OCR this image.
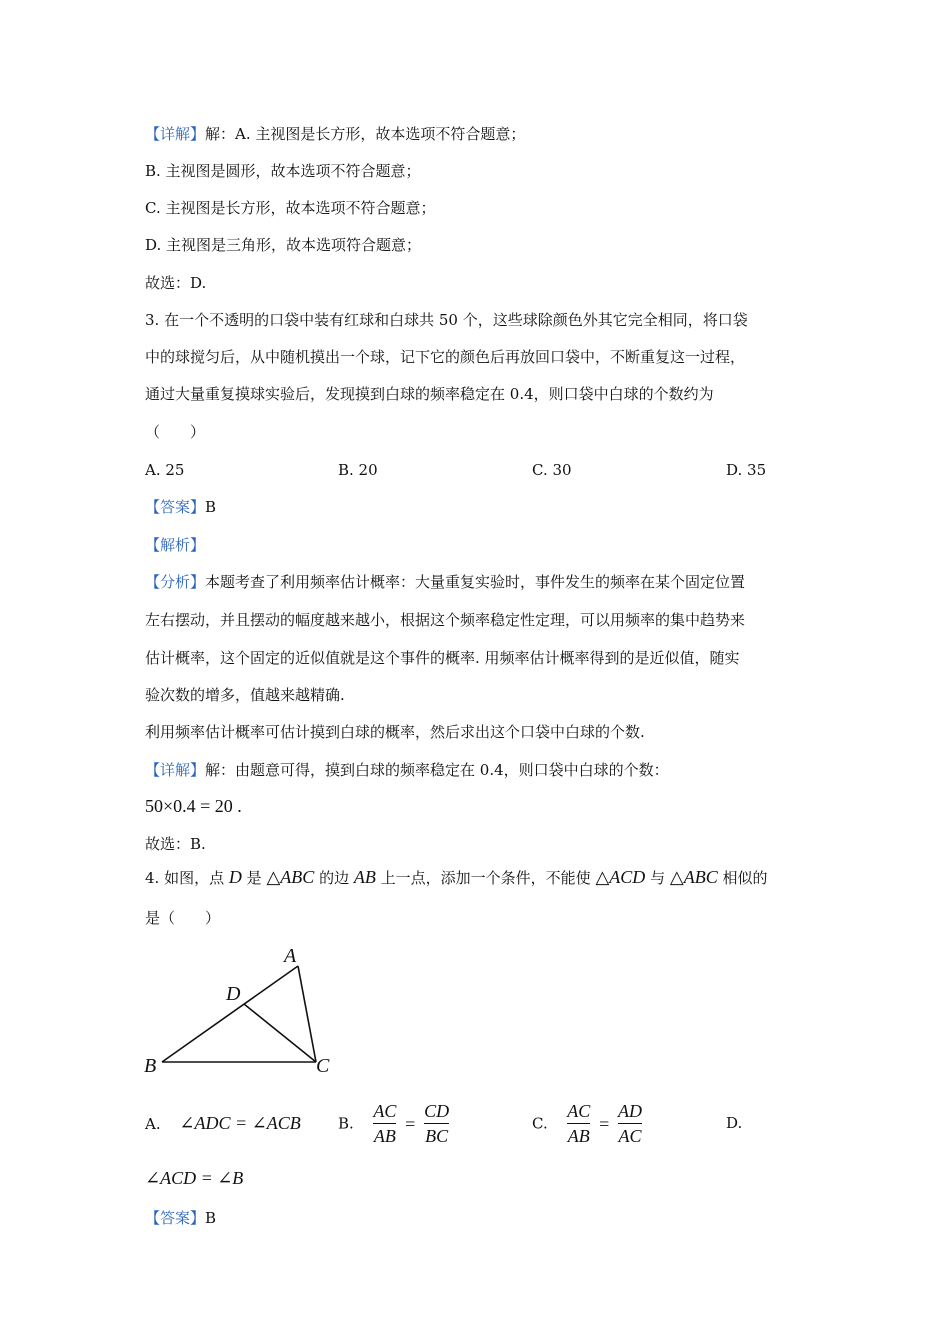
【详解】解：A. 主视图是长方形，故本选项不符合题意；
B. 主视图是圆形，故本选项不符合题意；
C. 主视图是长方形，故本选项不符合题意；
D. 主视图是三角形，故本选项符合题意；
故选：D.
3. 在一个不透明的口袋中装有红球和白球共 50 个，这些球除颜色外其它完全相同，将口袋
中的球搅匀后，从中随机摸出一个球，记下它的颜色后再放回口袋中，不断重复这一过程，
通过大量重复摸球实验后，发现摸到白球的频率稳定在 0.4，则口袋中白球的个数约为
（　　）
A. 25	B. 20	C. 30	D. 35
【答案】B
【解析】
【分析】本题考查了利用频率估计概率：大量重复实验时，事件发生的频率在某个固定位置
左右摆动，并且摆动的幅度越来越小，根据这个频率稳定性定理，可以用频率的集中趋势来
估计概率，这个固定的近似值就是这个事件的概率. 用频率估计概率得到的是近似值，随实
验次数的增多，值越来越精确.
利用频率估计概率可估计摸到白球的概率，然后求出这个口袋中白球的个数.
【详解】解：由题意可得，摸到白球的频率稳定在 0.4，则口袋中白球的个数：
50×0.4 = 20 .
故选：B.
4. 如图，点 D 是 △ABC 的边 AB 上一点，添加一个条件，不能使 △ACD 与 △ABC 相似的
是（　　）
A
D
B	C
A. ∠ADC = ∠ACB B. $\frac{AC}{AB} = \frac{CD}{BC}$	C. $\frac{AC}{AB} = \frac{AD}{AC}$	D.
∠ACD = ∠B
【答案】B
